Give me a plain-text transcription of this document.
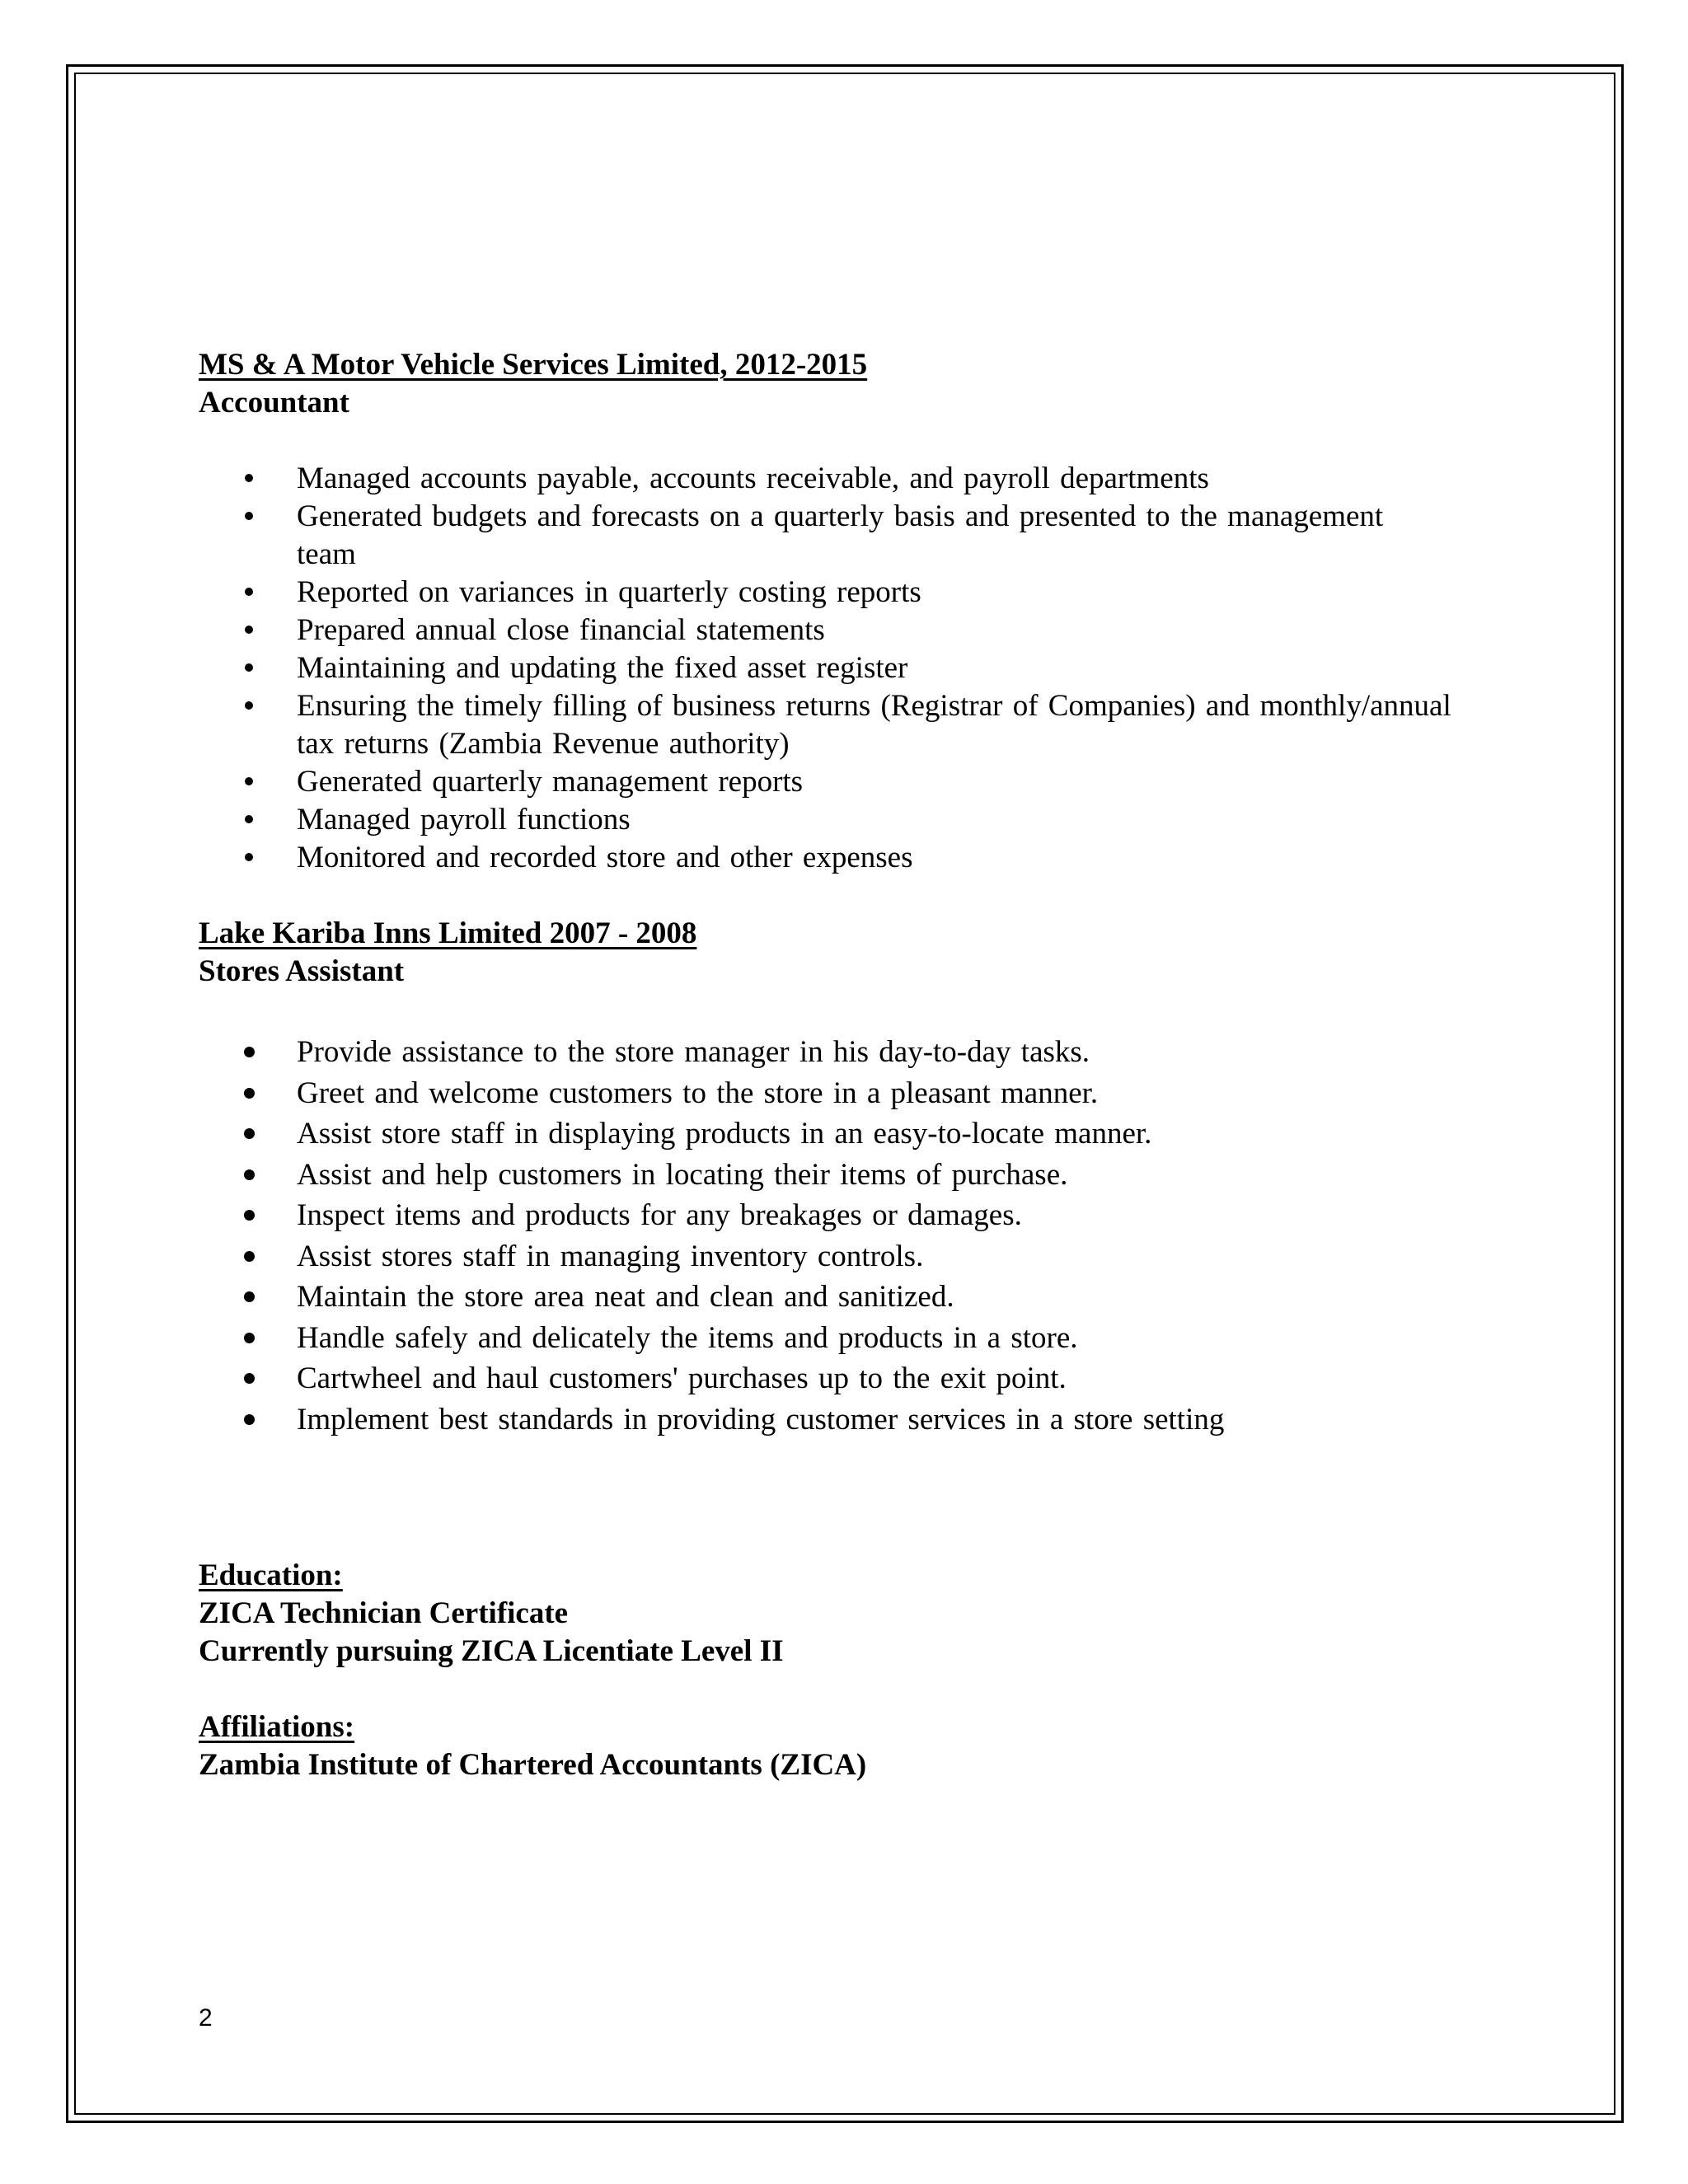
MS & A Motor Vehicle Services Limited, 2012-2015

Accountant

Managed accounts payable, accounts receivable, and payroll departments
Generated budgets and forecasts on a quarterly basis and presented to the management team
Reported on variances in quarterly costing reports
Prepared annual close financial statements
Maintaining and updating the fixed asset register
Ensuring the timely filling of business returns (Registrar of Companies) and monthly/annual tax returns (Zambia Revenue authority)
Generated quarterly management reports
Managed payroll functions
Monitored and recorded store and other expenses

Lake Kariba Inns Limited 2007 - 2008

Stores Assistant

Provide assistance to the store manager in his day-to-day tasks.
Greet and welcome customers to the store in a pleasant manner.
Assist store staff in displaying products in an easy-to-locate manner.
Assist and help customers in locating their items of purchase.
Inspect items and products for any breakages or damages.
Assist stores staff in managing inventory controls.
Maintain the store area neat and clean and sanitized.
Handle safely and delicately the items and products in a store.
Cartwheel and haul customers' purchases up to the exit point.
Implement best standards in providing customer services in a store setting

Education:

ZICA Technician Certificate

Currently pursuing ZICA Licentiate Level II

Affiliations:

Zambia Institute of Chartered Accountants (ZICA)

2
